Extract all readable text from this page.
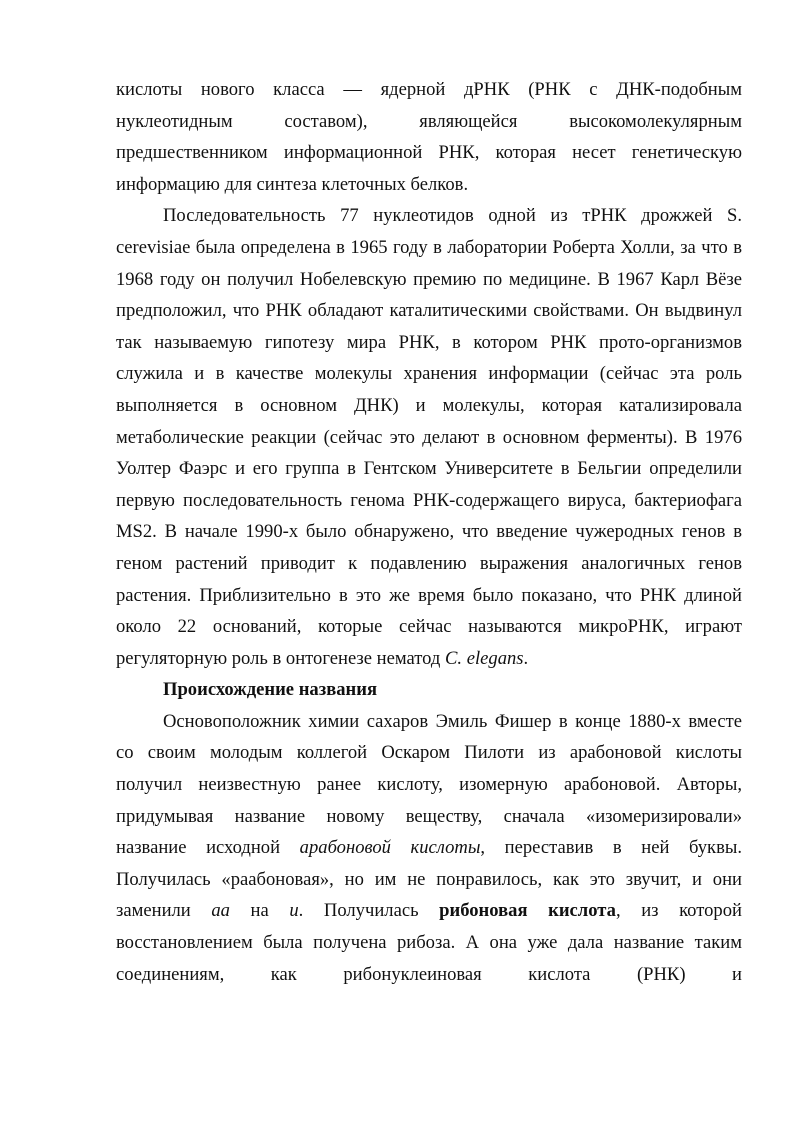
кислоты нового класса — ядерной дРНК (РНК с ДНК-подобным
нуклеотидным составом), являющейся высокомолекулярным
предшественником информационной РНК, которая несет генетическую
информацию для синтеза клеточных белков.
Последовательность 77 нуклеотидов одной из тРНК дрожжей S.
cerevisiae была определена в 1965 году в лаборатории Роберта Холли, за что в
1968 году он получил Нобелевскую премию по медицине. В 1967 Карл Вёзе
предположил, что РНК обладают каталитическими свойствами. Он выдвинул
так называемую гипотезу мира РНК, в котором РНК прото-организмов
служила и в качестве молекулы хранения информации (сейчас эта роль
выполняется в основном ДНК) и молекулы, которая катализировала
метаболические реакции (сейчас это делают в основном ферменты). В 1976
Уолтер Фаэрс и его группа в Гентском Университете в Бельгии определили
первую последовательность генома РНК-содержащего вируса, бактериофага
MS2. В начале 1990-х было обнаружено, что введение чужеродных генов в
геном растений приводит к подавлению выражения аналогичных генов
растения. Приблизительно в это же время было показано, что РНК длиной
около 22 оснований, которые сейчас называются микроРНК, играют
регуляторную роль в онтогенезе нематод C. elegans.
Происхождение названия
Основоположник химии сахаров Эмиль Фишер в конце 1880-х вместе
со своим молодым коллегой Оскаром Пилоти из арабоновой кислоты
получил неизвестную ранее кислоту, изомерную арабоновой. Авторы,
придумывая название новому веществу, сначала «изомеризировали»
название исходной арабоновой кислоты, переставив в ней буквы.
Получилась «раабоновая», но им не понравилось, как это звучит, и они
заменили аа на и. Получилась рибоновая кислота, из которой
восстановлением была получена рибоза. А она уже дала название таким
соединениям, как рибонуклеиновая кислота (РНК) и
